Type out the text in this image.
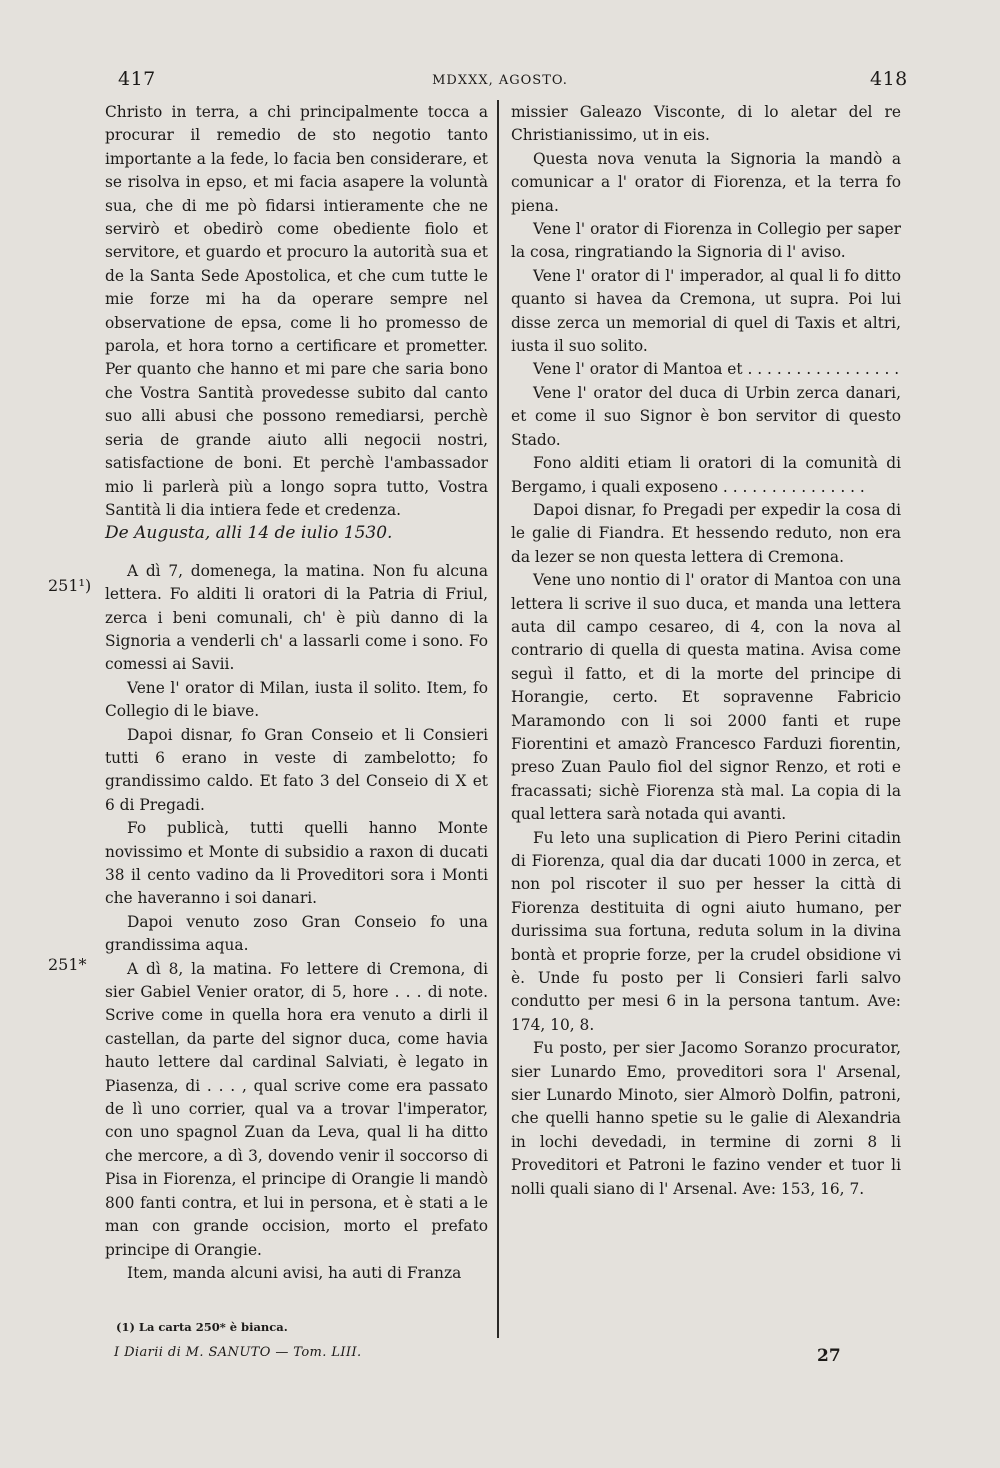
417	MDXXX, AGOSTO.	418

Christo in terra, a chi principalmente tocca a procurar il remedio de sto negotio tanto importante a la fede, lo facia ben considerare, et se risolva in epso, et mi facia asapere la voluntà sua, che di me pò fidarsi intieramente che ne servirò et obedirò come obediente fiolo et servitore, et guardo et procuro la autorità sua et de la Santa Sede Apostolica, et che cum tutte le mie forze mi ha da operare sempre nel observatione de epsa, come li ho promesso de parola, et hora torno a certificare et prometter. Per quanto che hanno et mi pare che saria bono che Vostra Santità provedesse subito dal canto suo alli abusi che possono remediarsi, perchè seria de grande aiuto alli negocii nostri, satisfactione de boni. Et perchè l'ambassador mio li parlerà più a longo sopra tutto, Vostra Santità li dia intiera fede et credenza.

De Augusta, alli 14 de iulio 1530.

A dì 7, domenega, la matina. Non fu alcuna lettera. Fo alditi li oratori di la Patria di Friul, zerca i beni comunali, ch' è più danno di la Signoria a venderli ch' a lassarli come i sono. Fo comessi ai Savii.

Vene l' orator di Milan, iusta il solito. Item, fo Collegio di le biave.

Dapoi disnar, fo Gran Conseio et li Consieri tutti 6 erano in veste di zambelotto; fo grandissimo caldo. Et fato 3 del Conseio di X et 6 di Pregadi.

Fo publicà, tutti quelli hanno Monte novissimo et Monte di subsidio a raxon di ducati 38 il cento vadino da li Proveditori sora i Monti che haveranno i soi danari.

Dapoi venuto zoso Gran Conseio fo una grandissima aqua.

A dì 8, la matina. Fo lettere di Cremona, di sier Gabiel Venier orator, di 5, hore . . . di note. Scrive come in quella hora era venuto a dirli il castellan, da parte del signor duca, come havia hauto lettere dal cardinal Salviati, è legato in Piasenza, di . . . , qual scrive come era passato de lì uno corrier, qual va a trovar l'imperator, con uno spagnol Zuan da Leva, qual li ha ditto che mercore, a dì 3, dovendo venir il soccorso di Pisa in Fiorenza, el principe di Orangie li mandò 800 fanti contra, et lui in persona, et è stati a le man con grande occision, morto el prefato principe di Orangie.

Item, manda alcuni avisi, ha auti di Franza

251¹)
251*

missier Galeazo Visconte, di lo aletar del re Christianissimo, ut in eis.

Questa nova venuta la Signoria la mandò a comunicar a l' orator di Fiorenza, et la terra fo piena.

Vene l' orator di Fiorenza in Collegio per saper la cosa, ringratiando la Signoria di l' aviso.

Vene l' orator di l' imperador, al qual li fo ditto quanto si havea da Cremona, ut supra. Poi lui disse zerca un memorial di quel di Taxis et altri, iusta il suo solito.

Vene l' orator di Mantoa et . . . . . . . . . . . . . . . .

Vene l' orator del duca di Urbin zerca danari, et come il suo Signor è bon servitor di questo Stado.

Fono alditi etiam li oratori di la comunità di Bergamo, i quali exposeno . . . . . . . . . . . . . . .

Dapoi disnar, fo Pregadi per expedir la cosa di le galie di Fiandra. Et hessendo reduto, non era da lezer se non questa lettera di Cremona.

Vene uno nontio di l' orator di Mantoa con una lettera li scrive il suo duca, et manda una lettera auta dil campo cesareo, di 4, con la nova al contrario di quella di questa matina. Avisa come seguì il fatto, et di la morte del principe di Horangie, certo. Et sopravenne Fabricio Maramondo con li soi 2000 fanti et rupe Fiorentini et amazò Francesco Farduzi fiorentin, preso Zuan Paulo fiol del signor Renzo, et roti e fracassati; sichè Fiorenza stà mal. La copia di la qual lettera sarà notada qui avanti.

Fu leto una suplication di Piero Perini citadin di Fiorenza, qual dia dar ducati 1000 in zerca, et non pol riscoter il suo per hesser la città di Fiorenza destituita di ogni aiuto humano, per durissima sua fortuna, reduta solum in la divina bontà et proprie forze, per la crudel obsidione vi è. Unde fu posto per li Consieri farli salvo condutto per mesi 6 in la persona tantum. Ave: 174, 10, 8.

Fu posto, per sier Jacomo Soranzo procurator, sier Lunardo Emo, proveditori sora l' Arsenal, sier Lunardo Minoto, sier Almorò Dolfin, patroni, che quelli hanno spetie su le galie di Alexandria in lochi devedadi, in termine di zorni 8 li Proveditori et Patroni le fazino vender et tuor li nolli quali siano di l' Arsenal. Ave: 153, 16, 7.

(1) La carta 250* è bianca.
I Diarii di M. SANUTO — Tom. LIII.	27
